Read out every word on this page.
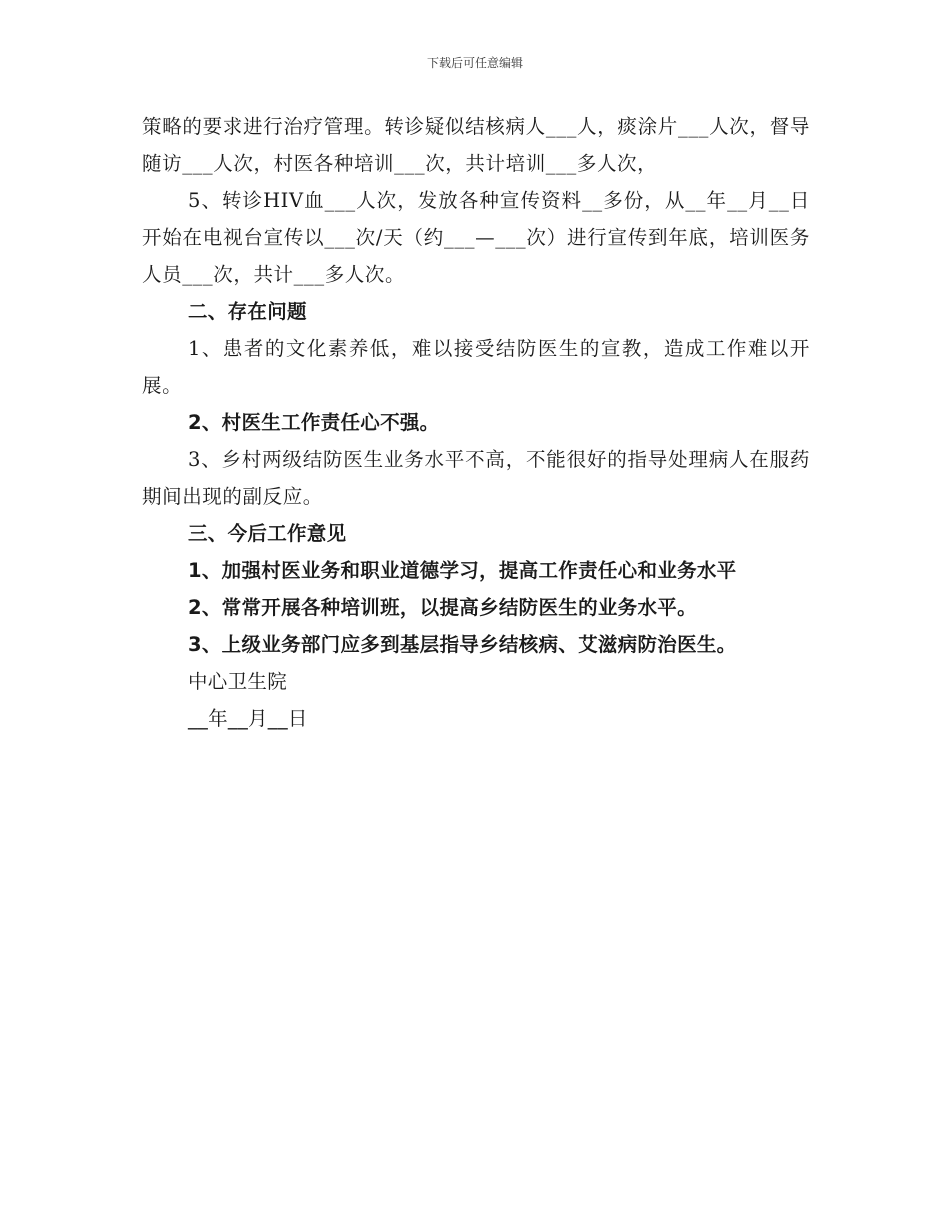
下载后可任意编辑

策略的要求进行治疗管理。转诊疑似结核病人___人，痰涂片___人次，督导随访___人次，村医各种培训___次，共计培训___多人次，

5、转诊HIV血___人次，发放各种宣传资料__多份，从__年__月__日开始在电视台宣传以___次/天（约___—___次）进行宣传到年底，培训医务人员___次，共计___多人次。

二、存在问题

1、患者的文化素养低，难以接受结防医生的宣教，造成工作难以开展。

2、村医生工作责任心不强。

3、乡村两级结防医生业务水平不高，不能很好的指导处理病人在服药期间出现的副反应。

三、今后工作意见

1、加强村医业务和职业道德学习，提高工作责任心和业务水平

2、常常开展各种培训班，以提高乡结防医生的业务水平。

3、上级业务部门应多到基层指导乡结核病、艾滋病防治医生。

中心卫生院

__年__月__日
